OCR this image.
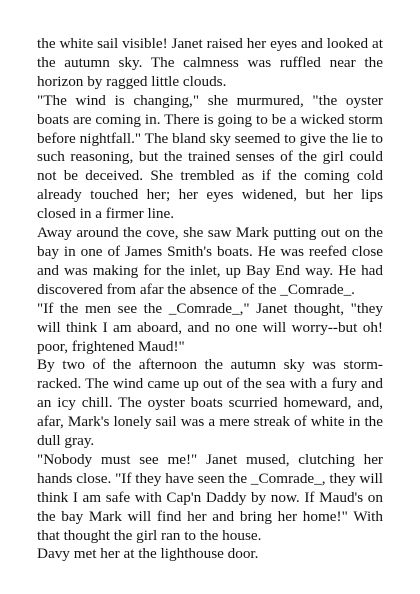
the white sail visible! Janet raised her eyes and looked at the autumn sky. The calmness was ruffled near the horizon by ragged little clouds.

"The wind is changing," she murmured, "the oyster boats are coming in. There is going to be a wicked storm before nightfall." The bland sky seemed to give the lie to such reasoning, but the trained senses of the girl could not be deceived. She trembled as if the coming cold already touched her; her eyes widened, but her lips closed in a firmer line.

Away around the cove, she saw Mark putting out on the bay in one of James Smith's boats. He was reefed close and was making for the inlet, up Bay End way. He had discovered from afar the absence of the _Comrade_.

"If the men see the _Comrade_," Janet thought, "they will think I am aboard, and no one will worry--but oh! poor, frightened Maud!"

By two of the afternoon the autumn sky was storm-racked. The wind came up out of the sea with a fury and an icy chill. The oyster boats scurried homeward, and, afar, Mark's lonely sail was a mere streak of white in the dull gray.

"Nobody must see me!" Janet mused, clutching her hands close. "If they have seen the _Comrade_, they will think I am safe with Cap'n Daddy by now. If Maud's on the bay Mark will find her and bring her home!" With that thought the girl ran to the house.

Davy met her at the lighthouse door.
